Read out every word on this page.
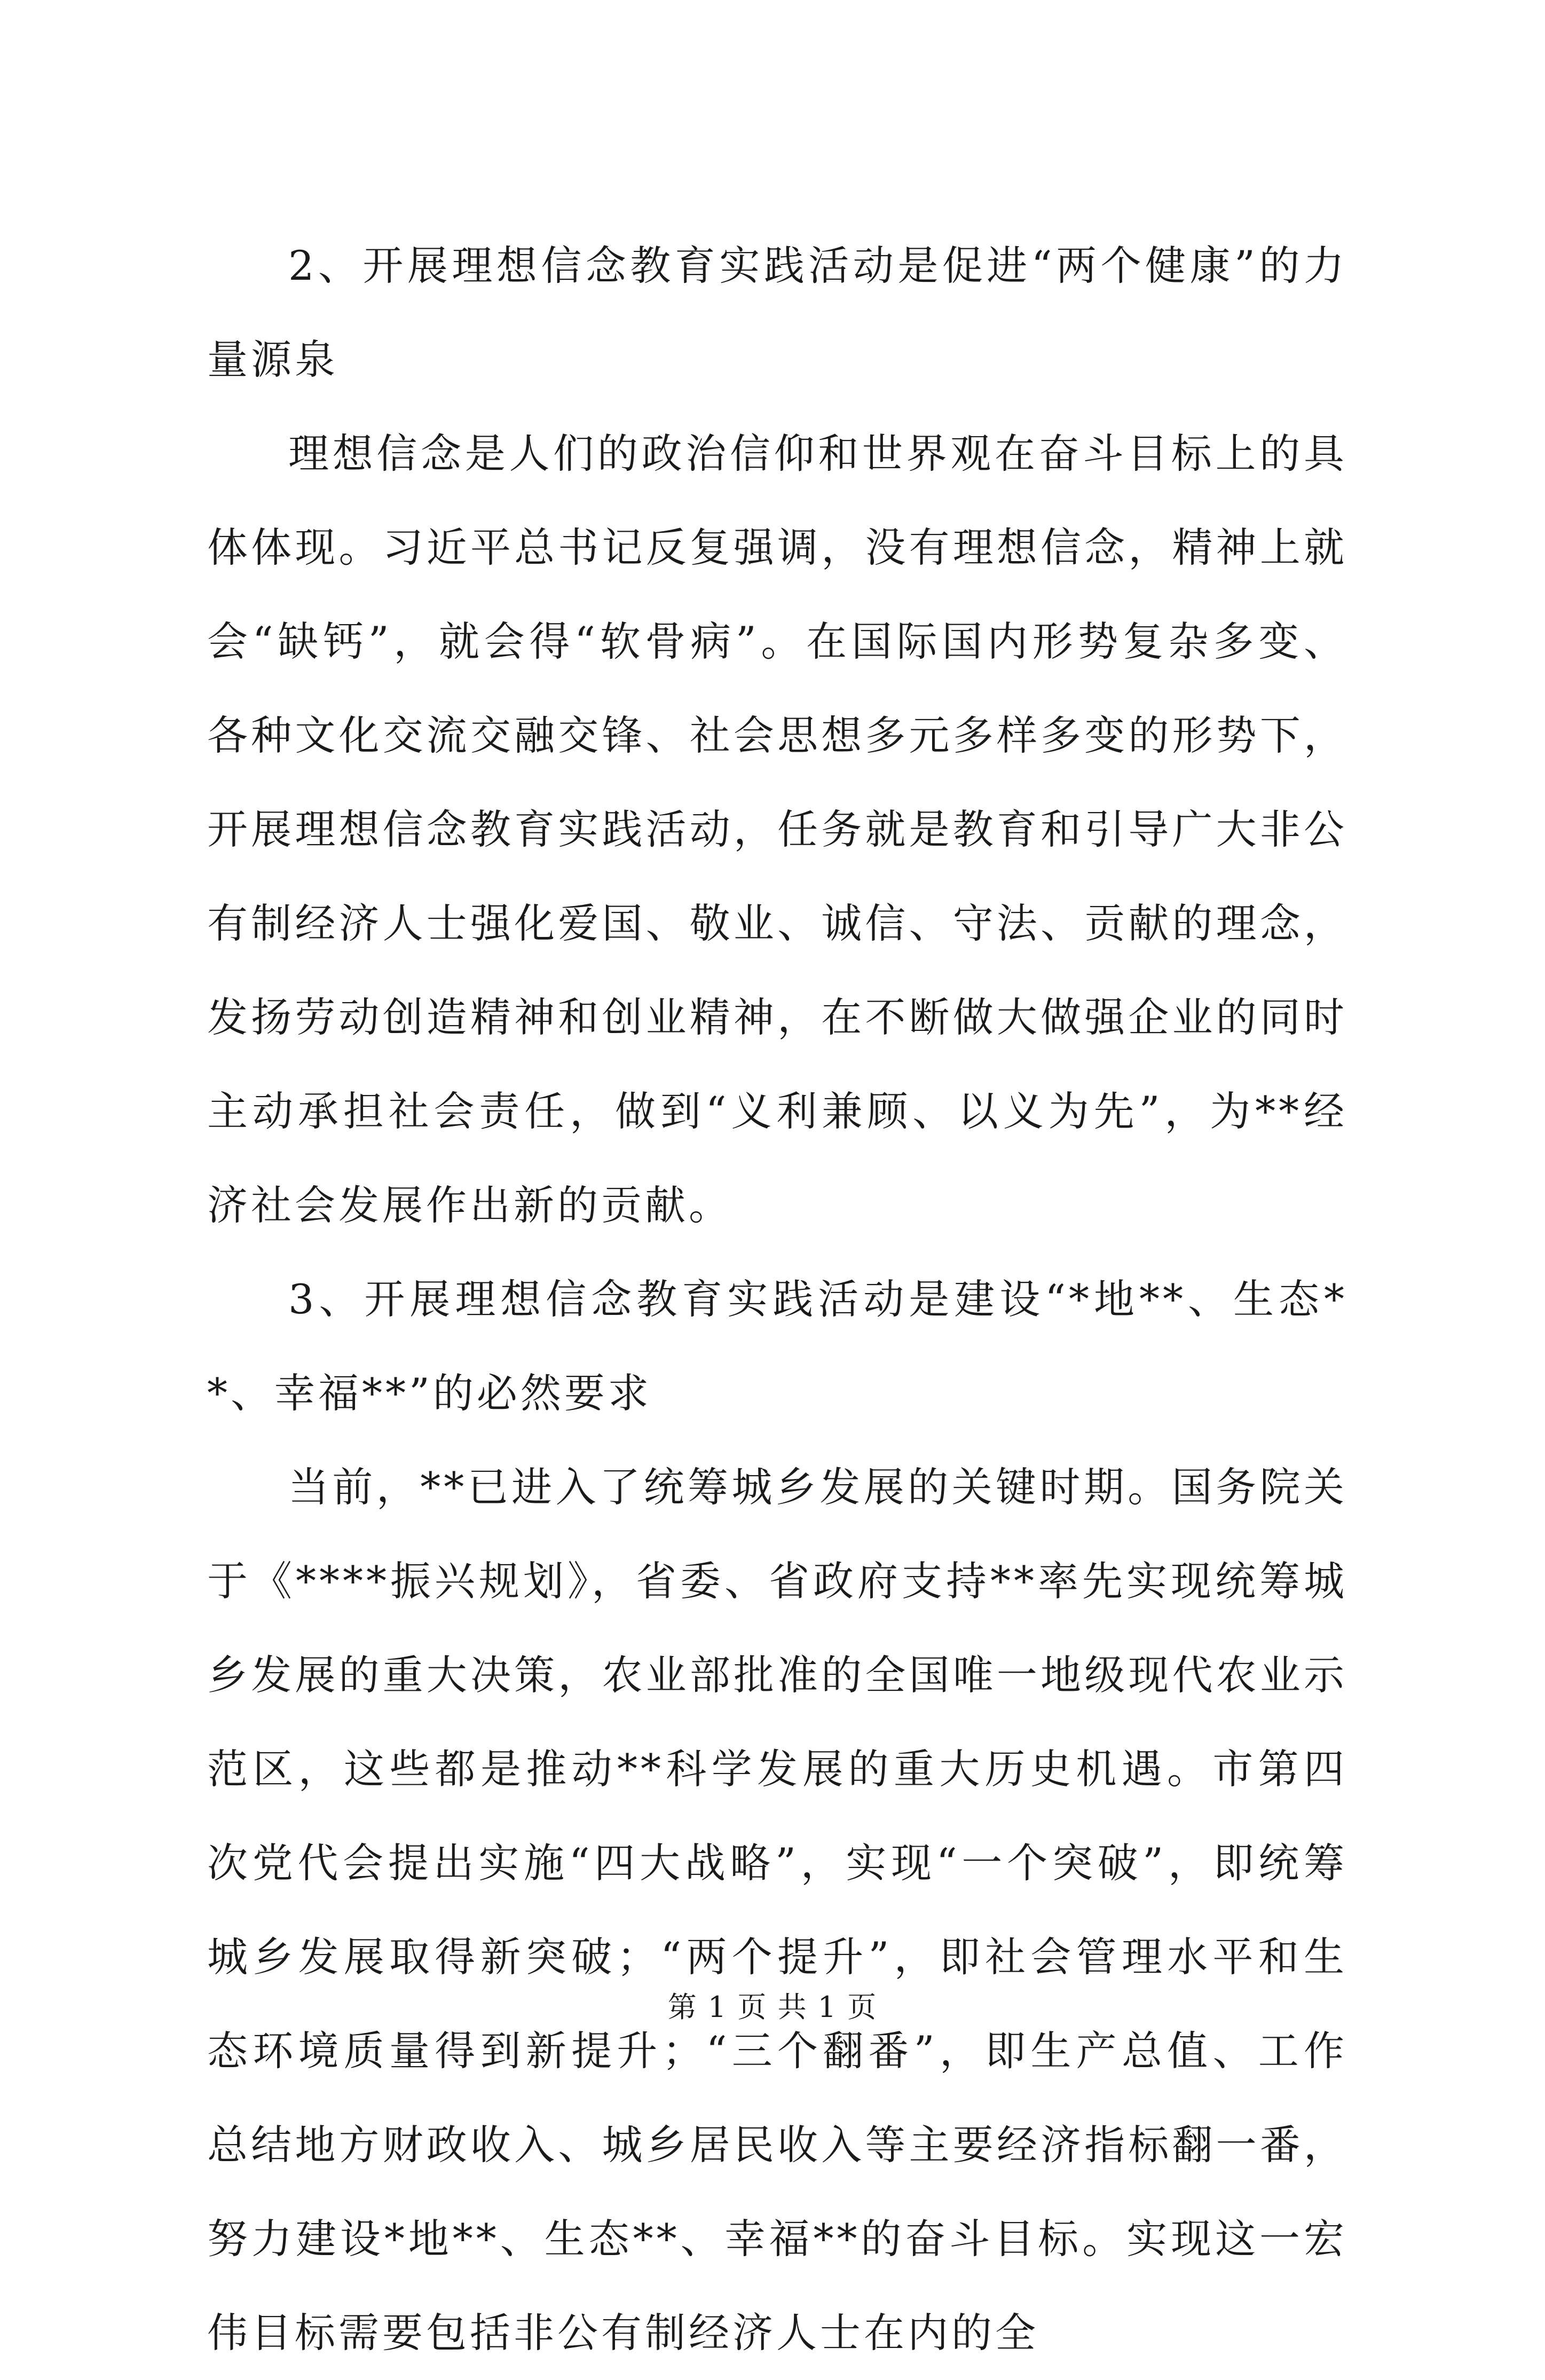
2、开展理想信念教育实践活动是促进“两个健康”的力量源泉

理想信念是人们的政治信仰和世界观在奋斗目标上的具体体现。习近平总书记反复强调，没有理想信念，精神上就会“缺钙”，就会得“软骨病”。在国际国内形势复杂多变、各种文化交流交融交锋、社会思想多元多样多变的形势下，开展理想信念教育实践活动，任务就是教育和引导广大非公有制经济人士强化爱国、敬业、诚信、守法、贡献的理念，发扬劳动创造精神和创业精神，在不断做大做强企业的同时主动承担社会责任，做到“义利兼顾、以义为先”，为**经济社会发展作出新的贡献。

3、开展理想信念教育实践活动是建设“*地**、生态**、幸福**”的必然要求

当前，**已进入了统筹城乡发展的关键时期。国务院关于《****振兴规划》，省委、省政府支持**率先实现统筹城乡发展的重大决策，农业部批准的全国唯一地级现代农业示范区，这些都是推动**科学发展的重大历史机遇。市第四次党代会提出实施“四大战略”，实现“一个突破”，即统筹城乡发展取得新突破；“两个提升”，即社会管理水平和生态环境质量得到新提升；“三个翻番”，即生产总值、工作总结地方财政收入、城乡居民收入等主要经济指标翻一番，努力建设*地**、生态**、幸福**的奋斗目标。实现这一宏伟目标需要包括非公有制经济人士在内的全

第 1 页 共 1 页
